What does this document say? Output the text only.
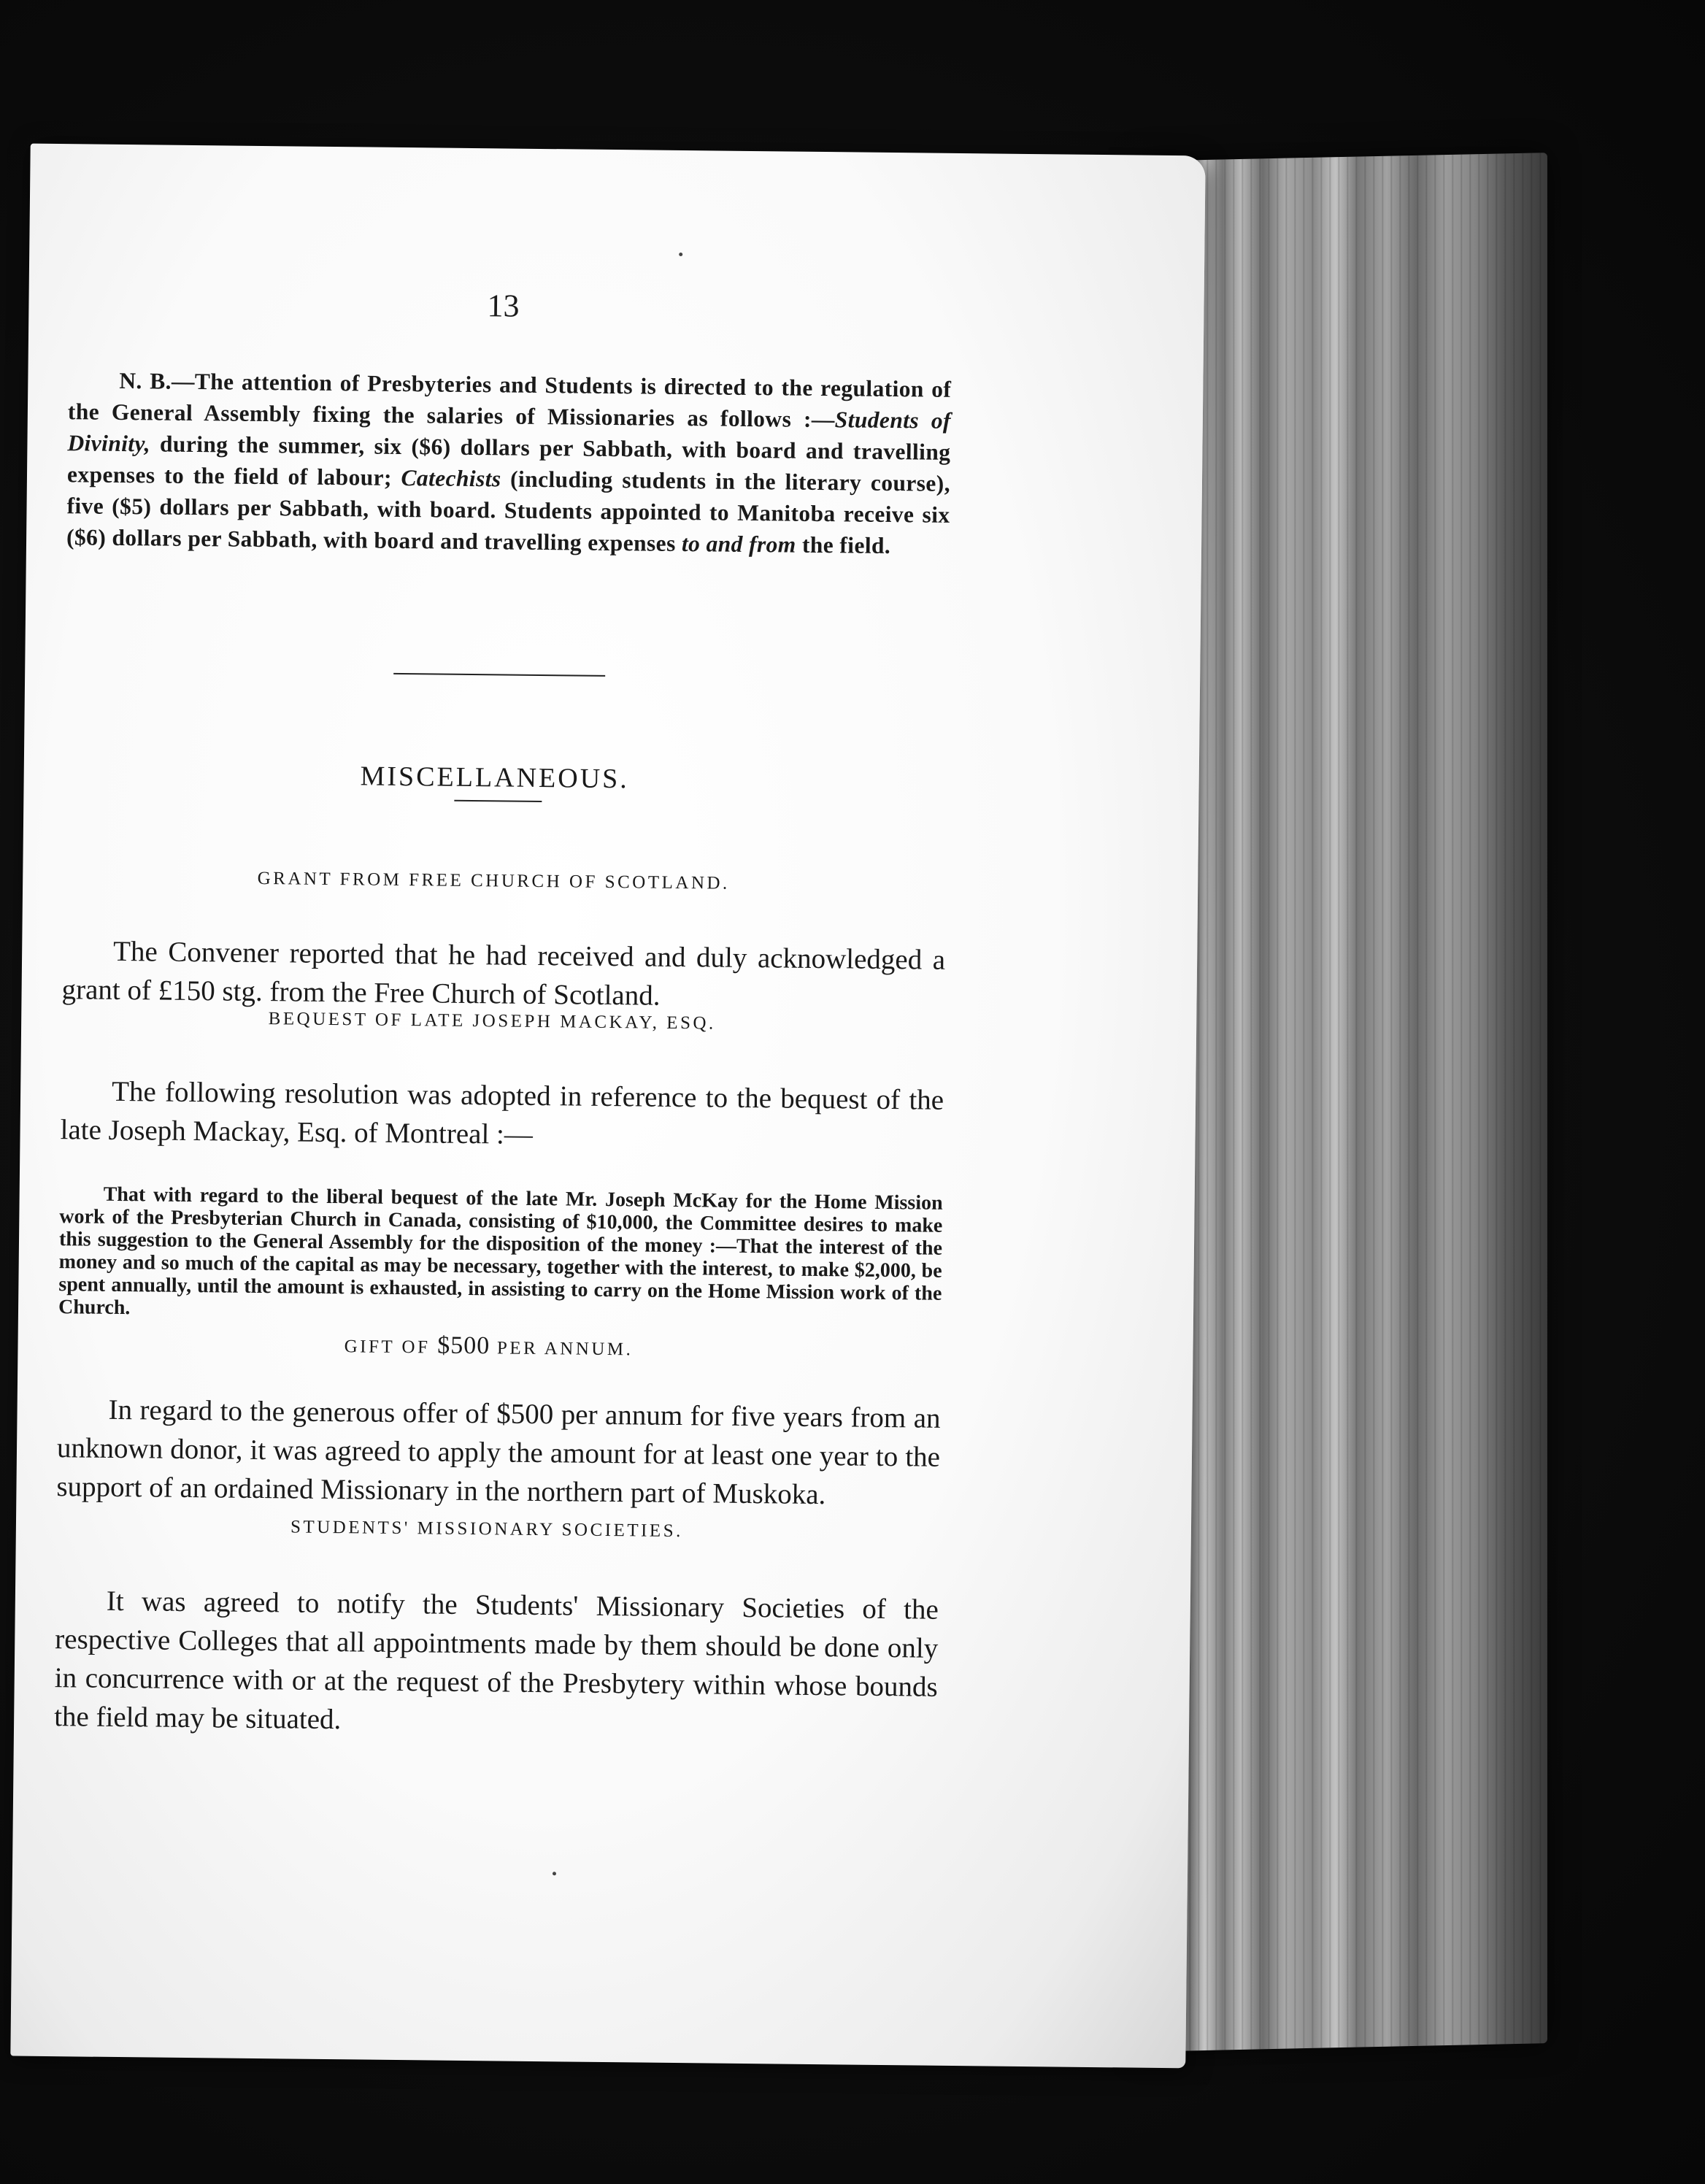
13

N. B.—The attention of Presbyteries and Students is directed to the regulation of the General Assembly fixing the salaries of Missionaries as follows :—Students of Divinity, during the summer, six ($6) dollars per Sabbath, with board and travelling expenses to the field of labour; Catechists (including students in the literary course), five ($5) dollars per Sabbath, with board. Students appointed to Manitoba receive six ($6) dollars per Sabbath, with board and travelling expenses to and from the field.

MISCELLANEOUS.
GRANT FROM FREE CHURCH OF SCOTLAND.

The Convener reported that he had received and duly acknowledged a grant of £150 stg. from the Free Church of Scotland.

BEQUEST OF LATE JOSEPH MACKAY, ESQ.

The following resolution was adopted in reference to the bequest of the late Joseph Mackay, Esq. of Montreal :—

That with regard to the liberal bequest of the late Mr. Joseph McKay for the Home Mission work of the Presbyterian Church in Canada, consisting of $10,000, the Committee desires to make this suggestion to the General Assembly for the disposition of the money :—That the interest of the money and so much of the capital as may be necessary, together with the interest, to make $2,000, be spent annually, until the amount is exhausted, in assisting to carry on the Home Mission work of the Church.

GIFT OF $500 PER ANNUM.

In regard to the generous offer of $500 per annum for five years from an unknown donor, it was agreed to apply the amount for at least one year to the support of an ordained Missionary in the northern part of Muskoka.

STUDENTS' MISSIONARY SOCIETIES.

It was agreed to notify the Students' Missionary Societies of the respective Colleges that all appointments made by them should be done only in concurrence with or at the request of the Presbytery within whose bounds the field may be situated.
